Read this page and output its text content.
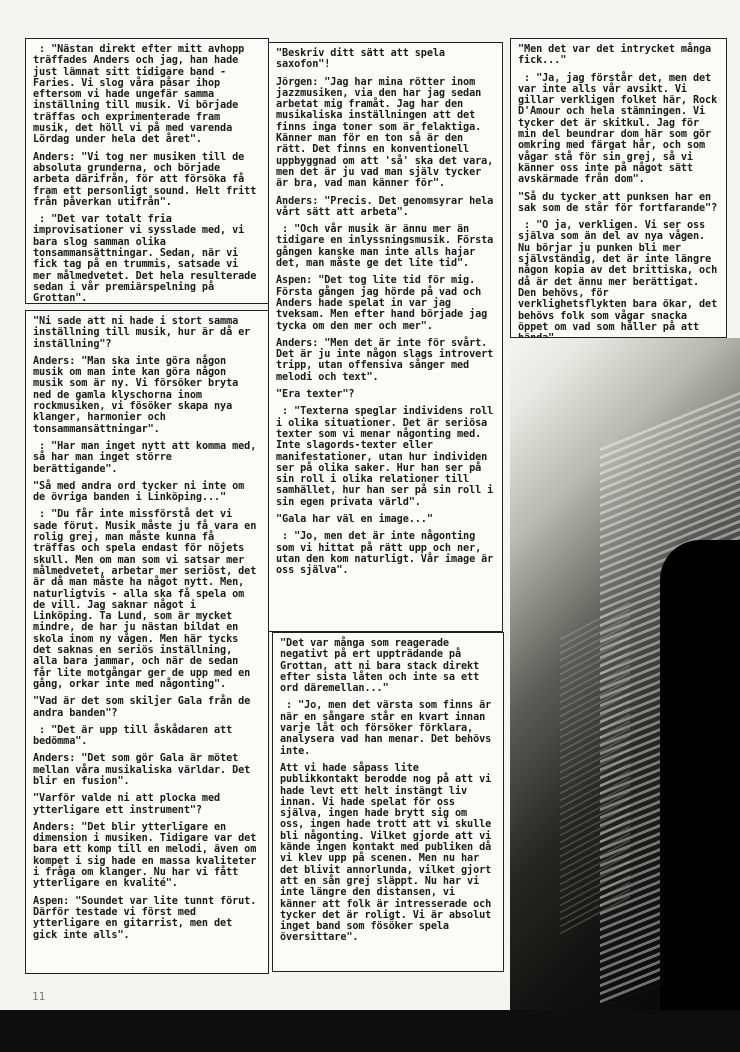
: "Nästan direkt efter mitt avhopp träffades Anders och jag, han hade just lämnat sitt tidigare band - Faries. Vi slog våra påsar ihop eftersom vi hade ungefär samma inställning till musik. Vi började träffas och exprimenterade fram musik, det höll vi på med varenda Lördag under hela det året".

Anders: "Vi tog ner musiken till de absoluta grunderna, och började arbeta därifrån, för att försöka få fram ett personligt sound. Helt fritt från påverkan utifrån".

: "Det var totalt fria improvisationer vi sysslade med, vi bara slog samman olika tonsammansättningar. Sedan, när vi fick tag på en trummis, satsade vi mer målmedvetet. Det hela resulterade sedan i vår premiärspelning på Grottan".

"Ni sade att ni hade i stort samma inställning till musik, hur är då er inställning"?

Anders: "Man ska inte göra någon musik om man inte kan göra någon musik som är ny. Vi försöker bryta ned de gamla klyschorna inom rockmusiken, vi fösöker skapa nya klanger, harmonier och tonsammansättningar".

: "Har man inget nytt att komma med, så har man inget större berättigande".

"Så med andra ord tycker ni inte om de övriga banden i Linköping..."

: "Du får inte missförstå det vi sade förut. Musik måste ju få vara en rolig grej, man måste kunna få träffas och spela endast för nöjets skull. Men om man som vi satsar mer målmedvetet, arbetar mer seriöst, det är då man måste ha något nytt. Men, naturligtvis - alla ska få spela om de vill. Jag saknar något i Linköping. Ta Lund, som är mycket mindre, de har ju nästan bildat en skola inom ny vågen. Men här tycks det saknas en seriös inställning, alla bara jammar, och när de sedan får lite motgångar ger de upp med en gång, orkar inte med någonting".

"Vad är det som skiljer Gala från de andra banden"?

: "Det är upp till åskådaren att bedömma".

Anders: "Det som gör Gala är mötet mellan våra musikaliska världar. Det blir en fusion".

"Varför valde ni att plocka med ytterligare ett instrument"?

Anders: "Det blir ytterligare en dimension i musiken. Tidigare var det bara ett komp till en melodi, även om kompet i sig hade en massa kvaliteter i fråga om klanger. Nu har vi fått ytterligare en kvalité".

Aspen: "Soundet var lite tunnt förut. Därför testade vi först med ytterligare en gitarrist, men det gick inte alls".

"Beskriv ditt sätt att spela saxofon"!

Jörgen: "Jag har mina rötter inom jazzmusiken, via den har jag sedan arbetat mig framåt. Jag har den musikaliska inställningen att det finns inga toner som är felaktiga. Känner man för en ton så är den rätt. Det finns en konventionell uppbyggnad om att 'så' ska det vara, men det är ju vad man själv tycker är bra, vad man känner för".

Anders: "Precis. Det genomsyrar hela vårt sätt att arbeta".

: "Och vår musik är ännu mer än tidigare en inlyssningsmusik. Första gången kanske man inte alls hajar det, man måste ge det lite tid".

Aspen: "Det tog lite tid för mig. Första gången jag hörde på vad och Anders hade spelat in var jag tveksam. Men efter hand började jag tycka om den mer och mer".

Anders: "Men det är inte för svårt. Det är ju inte någon slags introvert tripp, utan offensiva sånger med melodi och text".

"Era texter"?

: "Texterna speglar individens roll i olika situationer. Det är seriösa texter som vi menar någonting med. Inte slagords-texter eller manifestationer, utan hur individen ser på olika saker. Hur han ser på sin roll i olika relationer till samhället, hur han ser på sin roll i sin egen privata värld".

"Gala har väl en image..."

: "Jo, men det är inte någonting som vi hittat på rätt upp och ner, utan den kom naturligt. Vår image är oss själva".

"Det var många som reagerade negativt på ert uppträdande på Grottan, att ni bara stack direkt efter sista låten och inte sa ett ord däremellan..."

: "Jo, men det värsta som finns är när en sångare står en kvart innan varje låt och försöker förklara, analysera vad han menar. Det behövs inte.

Att vi hade såpass lite publikkontakt berodde nog på att vi hade levt ett helt instängt liv innan. Vi hade spelat för oss själva, ingen hade brytt sig om oss, ingen hade trott att vi skulle bli någonting. Vilket gjorde att vi kände ingen kontakt med publiken då vi klev upp på scenen. Men nu har det blivit annorlunda, vilket gjort att en sån grej släppt. Nu har vi inte längre den distansen, vi känner att folk är intresserade och tycker det är roligt. Vi är absolut inget band som fösöker spela översittare".

"Men det var det intrycket många fick..."

: "Ja, jag förstår det, men det var inte alls vår avsikt. Vi gillar verkligen folket här, Rock D'Amour och hela stämningen. Vi tycker det är skitkul. Jag för min del beundrar dom här som gör omkring med färgat hår, och som vågar stå för sin grej, så vi känner oss inte på något sätt avskärmade från dom".

"Så du tycker att punksen har en sak som de står för fortfarande"?

: "O ja, verkligen. Vi ser oss själva som än del av nya vågen. Nu börjar ju punken bli mer självständig, det är inte längre någon kopia av det brittiska, och då är det ännu mer berättigat. Den behövs, för verklighetsflykten bara ökar, det behövs folk som vågar snacka öppet om vad som håller på att

11
